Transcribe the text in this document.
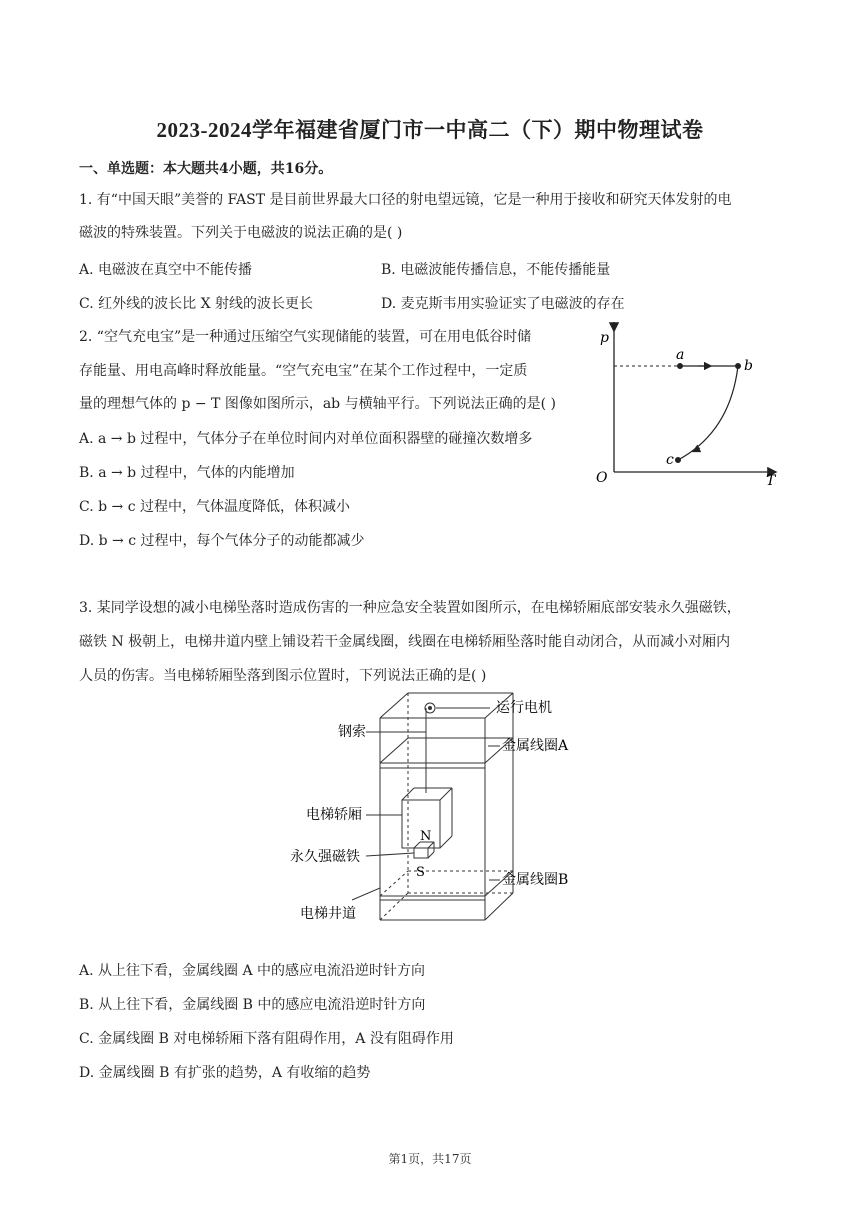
2023-2024学年福建省厦门市一中高二（下）期中物理试卷
一、单选题：本大题共4小题，共16分。
1. 有“中国天眼”美誉的 FAST 是目前世界最大口径的射电望远镜，它是一种用于接收和研究天体发射的电
磁波的特殊装置。下列关于电磁波的说法正确的是( )
A. 电磁波在真空中不能传播	B. 电磁波能传播信息，不能传播能量
C. 红外线的波长比 X 射线的波长更长	D. 麦克斯韦用实验证实了电磁波的存在
2. “空气充电宝”是一种通过压缩空气实现储能的装置，可在用电低谷时储
存能量、用电高峰时释放能量。“空气充电宝”在某个工作过程中，一定质
量的理想气体的 p − T 图像如图所示，ab 与横轴平行。下列说法正确的是( )
A. a → b 过程中，气体分子在单位时间内对单位面积器壁的碰撞次数增多
B. a → b 过程中，气体的内能增加
C. b → c 过程中，气体温度降低，体积减小
D. b → c 过程中，每个气体分子的动能都减少
p
T
O
a
b
c
3. 某同学设想的减小电梯坠落时造成伤害的一种应急安全装置如图所示，在电梯轿厢底部安装永久强磁铁，
磁铁 N 极朝上，电梯井道内壁上铺设若干金属线圈，线圈在电梯轿厢坠落时能自动闭合，从而减小对厢内
人员的伤害。当电梯轿厢坠落到图示位置时，下列说法正确的是( )
N
S
运行电机
钢索
金属线圈A
电梯轿厢
永久强磁铁
金属线圈B
电梯井道
A. 从上往下看，金属线圈 A 中的感应电流沿逆时针方向
B. 从上往下看，金属线圈 B 中的感应电流沿逆时针方向
C. 金属线圈 B 对电梯轿厢下落有阻碍作用，A 没有阻碍作用
D. 金属线圈 B 有扩张的趋势，A 有收缩的趋势
第1页，共17页
